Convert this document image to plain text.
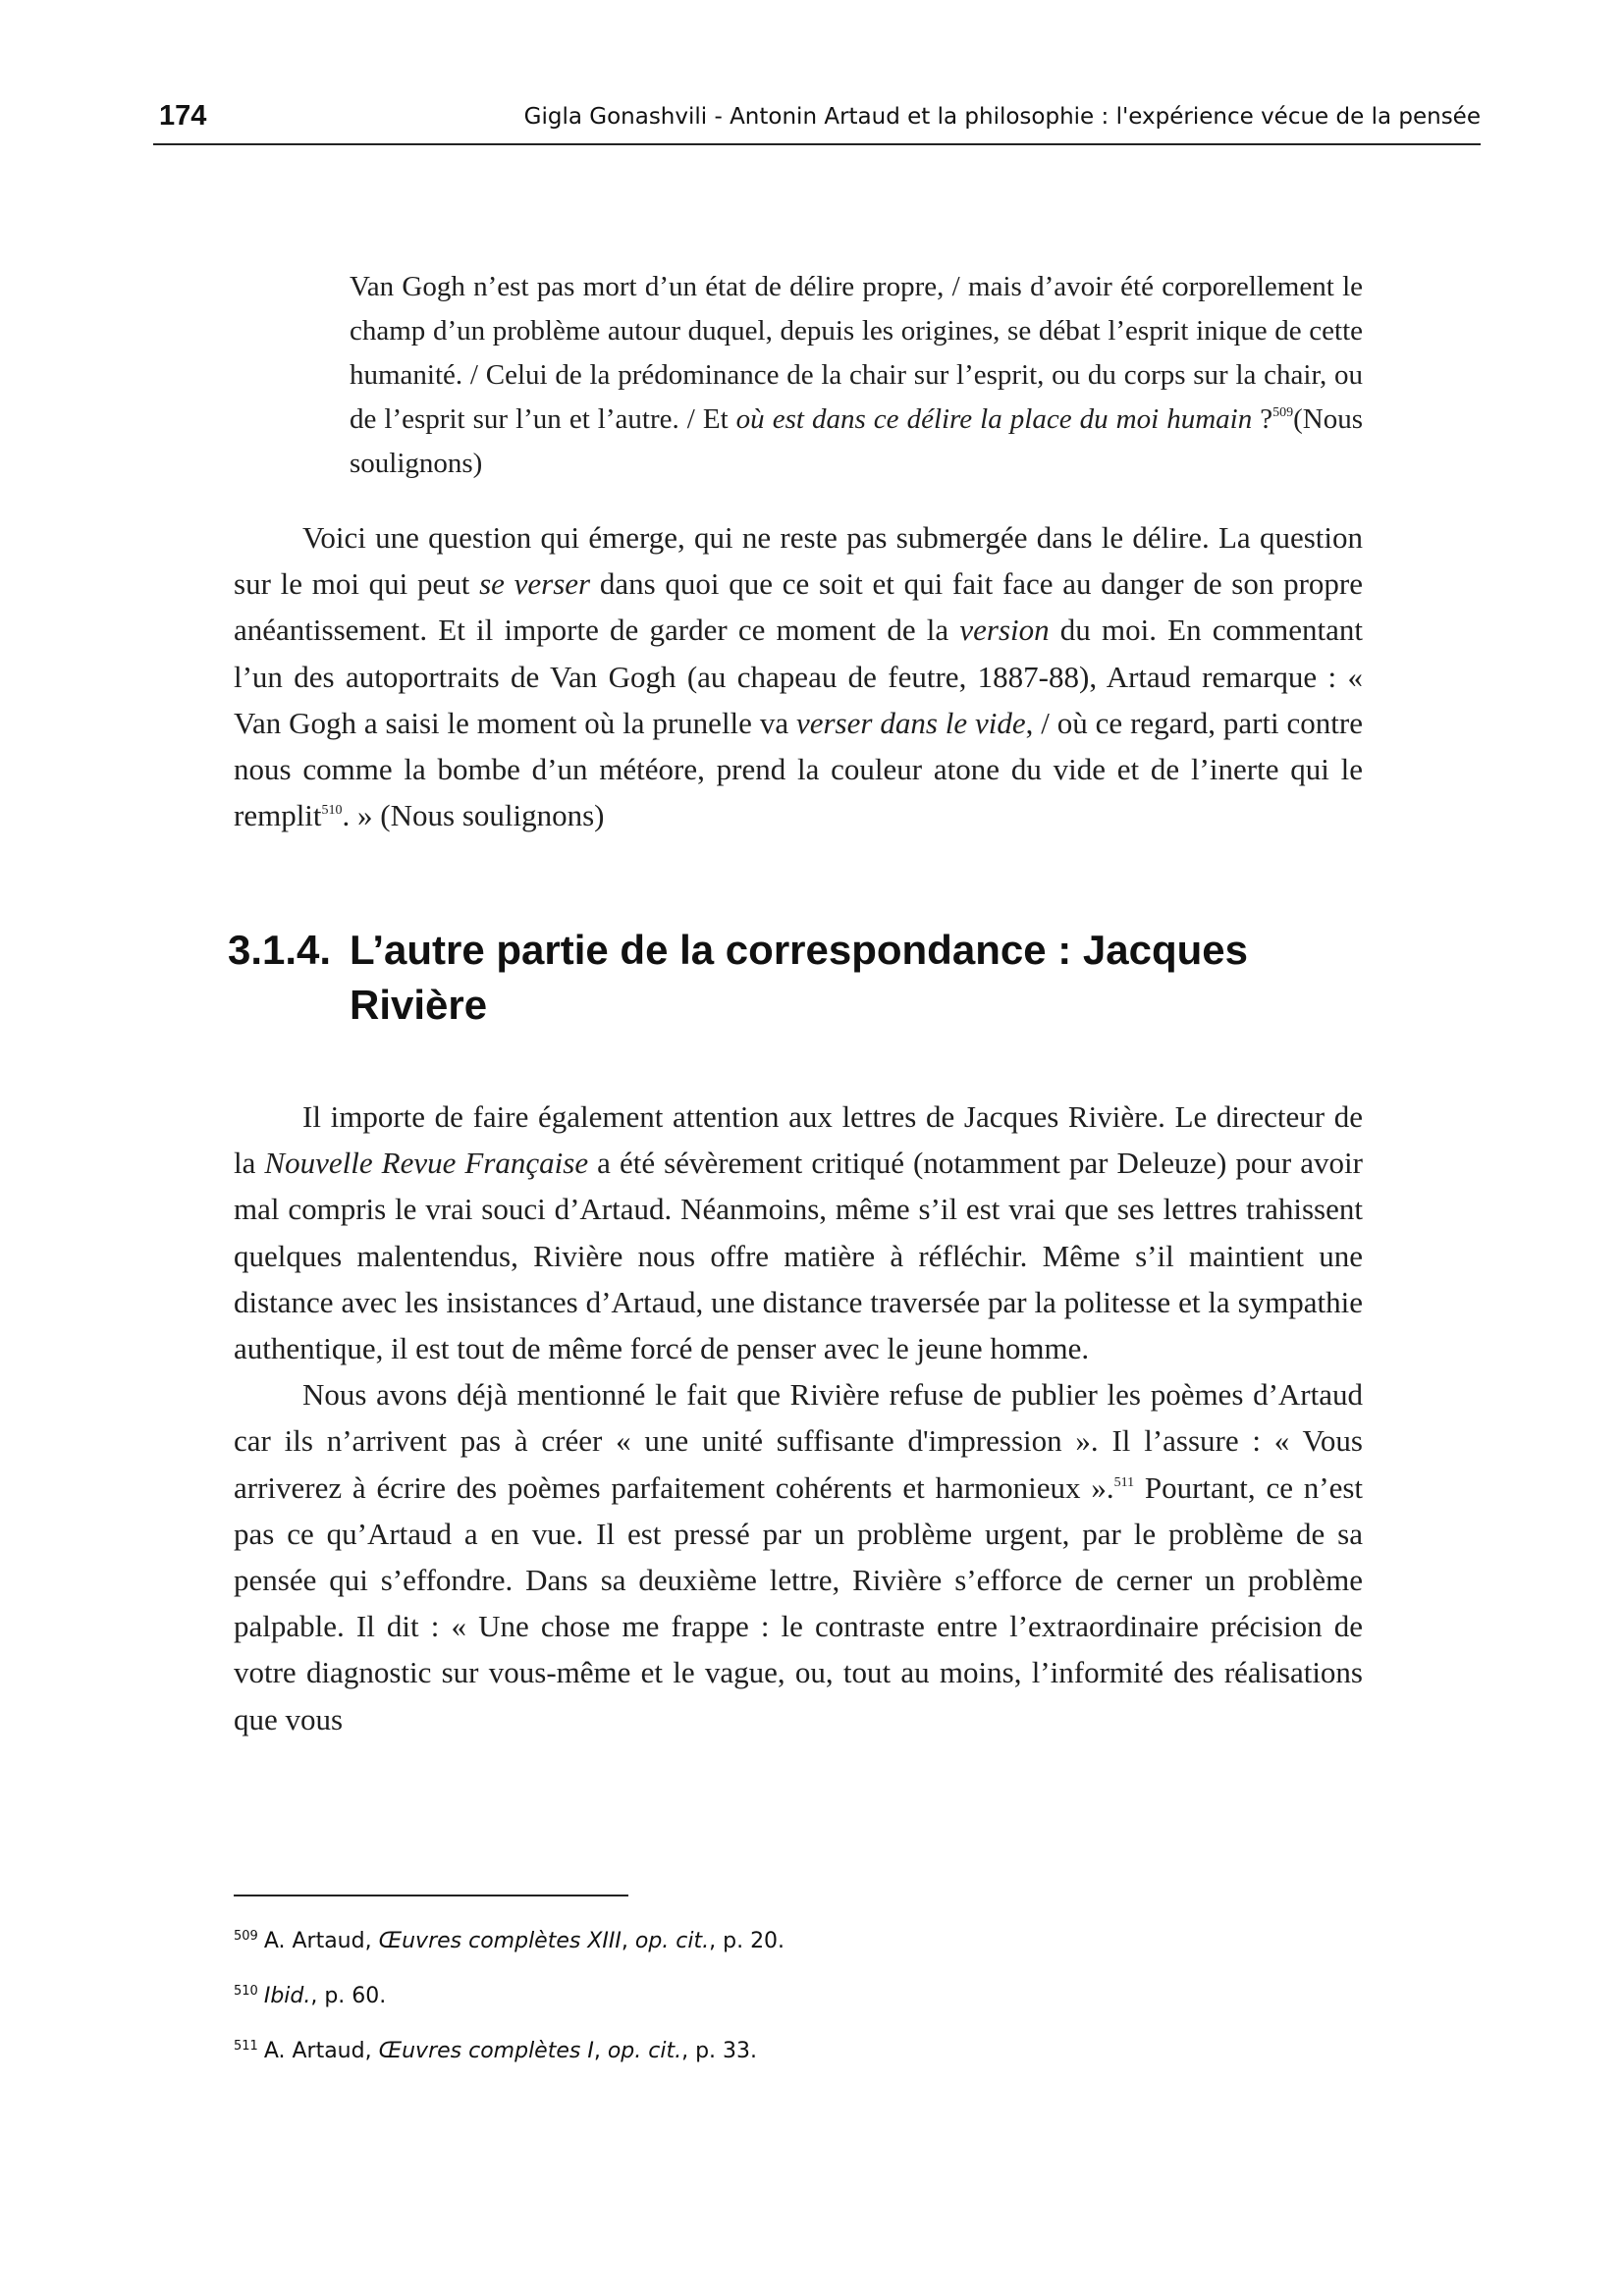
174	Gigla Gonashvili - Antonin Artaud et la philosophie : l'expérience vécue de la pensée
Van Gogh n’est pas mort d’un état de délire propre, / mais d’avoir été corporellement le champ d’un problème autour duquel, depuis les origines, se débat l’esprit inique de cette humanité. / Celui de la prédominance de la chair sur l’esprit, ou du corps sur la chair, ou de l’esprit sur l’un et l’autre. / Et où est dans ce délire la place du moi humain ?$^{509}$(Nous soulignons)

Voici une question qui émerge, qui ne reste pas submergée dans le délire. La question sur le moi qui peut se verser dans quoi que ce soit et qui fait face au danger de son propre anéantissement. Et il importe de garder ce moment de la version du moi. En commentant l’un des autoportraits de Van Gogh (au chapeau de feutre, 1887-88), Artaud remarque : « Van Gogh a saisi le moment où la prunelle va verser dans le vide, / où ce regard, parti contre nous comme la bombe d’un météore, prend la couleur atone du vide et de l’inerte qui le remplit$^{510}$. » (Nous soulignons)

3.1.4. L’autre partie de la correspondance : Jacques
Rivière

Il importe de faire également attention aux lettres de Jacques Rivière. Le directeur de la Nouvelle Revue Française a été sévèrement critiqué (notamment par Deleuze) pour avoir mal compris le vrai souci d’Artaud. Néanmoins, même s’il est vrai que ses lettres trahissent quelques malentendus, Rivière nous offre matière à réfléchir. Même s’il maintient une distance avec les insistances d’Artaud, une distance traversée par la politesse et la sympathie authentique, il est tout de même forcé de penser avec le jeune homme.

Nous avons déjà mentionné le fait que Rivière refuse de publier les poèmes d’Artaud car ils n’arrivent pas à créer « une unité suffisante d'impression ». Il l’assure : « Vous arriverez à écrire des poèmes parfaitement cohérents et harmonieux ».$^{511}$ Pourtant, ce n’est pas ce qu’Artaud a en vue. Il est pressé par un problème urgent, par le problème de sa pensée qui s’effondre. Dans sa deuxième lettre, Rivière s’efforce de cerner un problème palpable. Il dit : « Une chose me frappe : le contraste entre l’extraordinaire précision de votre diagnostic sur vous-même et le vague, ou, tout au moins, l’informité des réalisations que vous

$^{509}$ A. Artaud, Œuvres complètes XIII, op. cit., p. 20.
$^{510}$ Ibid., p. 60.
$^{511}$ A. Artaud, Œuvres complètes I, op. cit., p. 33.
